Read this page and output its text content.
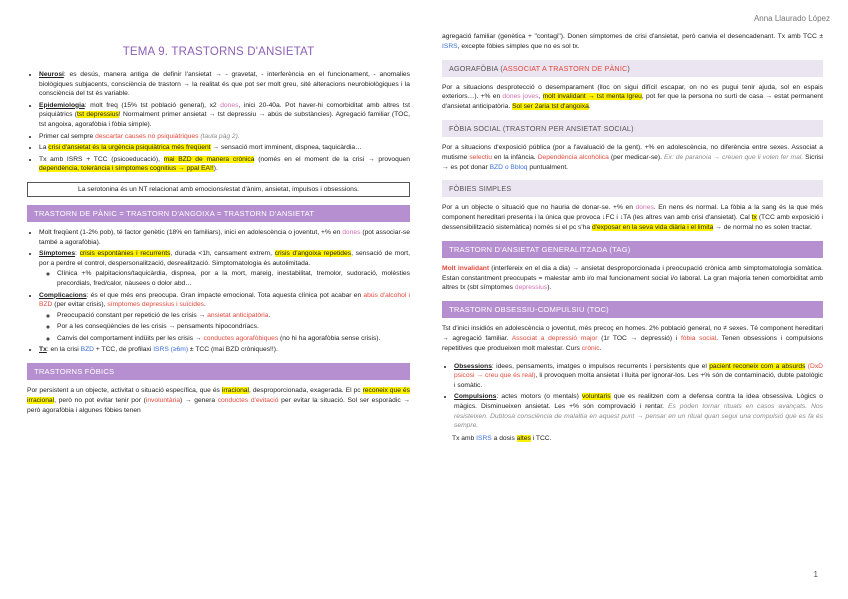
Anna Llaurado López
TEMA 9. TRASTORNS D'ANSIETAT
• Neurosi: es desús, manera antiga de definir l'ansietat → - gravetat, - interferència en el funcionament, - anomalies biològiques subjacents, consciència de trastorn → la realitat és que pot ser molt greu, sité alteracions neurobiològiques i la consciència del tst és variable.
• Epidemiologia: molt freq (15% tst població general), x2 dones, inici 20-40a. Pot haver-hi comorbiditat amb altres tst psiquiàtrics (tst depressius! Normalment primer ansietat → tst depressiu → abús de substàncies). Agregació familiar (TOC, tst angoixa, agorafòbia i fòbia simple).
• Primer cal sempre descartar causes no psiquiàtriques (taula pàg 2).
• La crisi d'ansietat és la urgència psiquiàtrica més freqüent → sensació mort imminent, dispnea, taquicàrdia…
• Tx amb ISRS + TCC (psicoeducació), mai BZD de manera crònica (només en el moment de la crisi → provoquen dependència, tolerància i símptomes cognitius → ppal EA!!).
La serotonina és un NT relacionat amb emocions/estat d'ànim, ansietat, impulsos i obsessions.
TRASTORN DE PÀNIC = TRASTORN D'ANGOIXA = TRASTORN D'ANSIETAT
• Molt freqüent (1-2% pob), té factor genètic (18% en familiars), inici en adolescència o joventut, +% en dones (pot associar-se també a agorafòbia).
• Símptomes: crisis espontànies i recurrents, durada <1h, cansament extrem, crisis d'angoixa repetides, sensació de mort, por a perdre el control, despersonalització, desrealització. Simptomatologia és autolimitada.
◦ Clínica +% palpitacions/taquicàrdia, dispnea, por a la mort, mareig, inestabilitat, tremolor, sudoració, molèsties precordials, fred/calor, nàusees o dolor abd…
• Complicacions: és el que més ens preocupa. Gran impacte emocional. Tota aquesta clínica pot acabar en abús d'alcohol i BZD (per evitar crisis), símptomes depressius i suïcides.
◦ Preocupació constant per repetició de les crisis → ansietat anticipatòria.
◦ Por a les conseqüències de les crisis → pensaments hipocondríacs.
◦ Canvis del comportament indüits per les crisis → conductes agorafòbiques (no hi ha agorafòbia sense crisis).
• Tx: en la crisi BZD + TCC, de profilaxi ISRS (≥6m) ± TCC (mai BZD cròniques!!).
TRASTORNS FÒBICS

Por persistent a un objecte, activitat o situació específica, que és irracional, desproporcionada, exagerada. El pc reconeix que és irracional, però no pot evitar tenir por (involuntària) → genera conductes d'evitació per evitar la situació. Sol ser esporàdic → però agorafòbia i algunes fòbies tenen

agregació familiar (genètica + "contagi"). Donen símptomes de crisi d'ansietat, però canvia el desencadenant. Tx amb TCC ± ISRS, excepte fòbies simples que no es sol tx.

AGORAFÒBIA (ASSOCIAT A TRASTORN DE PÀNIC)

Por a situacions desprotecció o desemparament (lloc on sigui difícil escapar, on no es pugui tenir ajuda, sol en espais exteriors…). +% en dones joves, molt invalidant → tst menta lgreu, pot fer que la persona no surti de casa → estat permanent d'ansietat anticipatòria. Sol ser 2aria tst d'angoixa.

FÒBIA SOCIAL (TRASTORN PER ANSIETAT SOCIAL)

Por a situacions d'exposició pública (por a l'avaluació de la gent). +% en adolescència, no diferència entre sexes. Associat a mutisme selectiu en la infància. Dependència alcohòlica (per medicar-se). Ex: de paranoia → creuen que li volen fer mal. Sicrisi → es pot donar BZD o Bbloq puntualment.

FÒBIES SIMPLES

Por a un objecte o situació que no hauria de donar-se. +% en dones. En nens és normal. La fòbia a la sang és la que més component hereditari presenta i la única que provoca ↓FC i ↓TA (les altres van amb crisi d'ansietat). Cal tx (TCC amb exposició i dessensibilització sistemàtica) només si el pc s'ha d'exposar en la seva vida diària i el limita → de normal no es solen tractar.

TRASTORN D'ANSIETAT GENERALITZADA (TAG)

Molt invalidant (interfereix en el dia a dia) → ansietat desproporcionada i preocupació crònica amb simptomatologia somàtica. Estan constantment preocupats = malestar amb i/o mal funcionament social i/o laboral. La gran majoria tenen comorbiditat amb altres tx (sbt símptomes depressius).

TRASTORN OBSESSIU-COMPULSIU (TOC)

Tst d'inici insidiós en adolescència o joventut, més precoç en homes. 2% població general, no ≠ sexes. Té component hereditari → agregació familiar. Associat a depressió major (1r TOC → depressió) i fòbia social. Tenen obsessions i compulsions repetitives que produeixen molt malestar. Curs crònic.

• Obsessions: idees, pensaments, imatges o impulsos recurrents i persistents que el pacient reconeix com a absurds (DxD psicosi → creu que és real), li provoquen molta ansietat i lluita per ignorar-los. Les +% són de contaminació, dubte patològic i somàtic.
• Compulsions: actes motors (o mentals) voluntaris que es realitzen com a defensa contra la idea obsessiva. Lògics o màgics. Disminueixen ansietat. Les +% són comprovació i rentar. Es poden tornar rituals en casos avançats. Nos resisteixen. Dubtosa consciència de malaltia en aquest punt → pensar en un ritual quan segui una compulsió que es fa és sempre.

Tx amb ISRS a dosis altes i TCC.

1
